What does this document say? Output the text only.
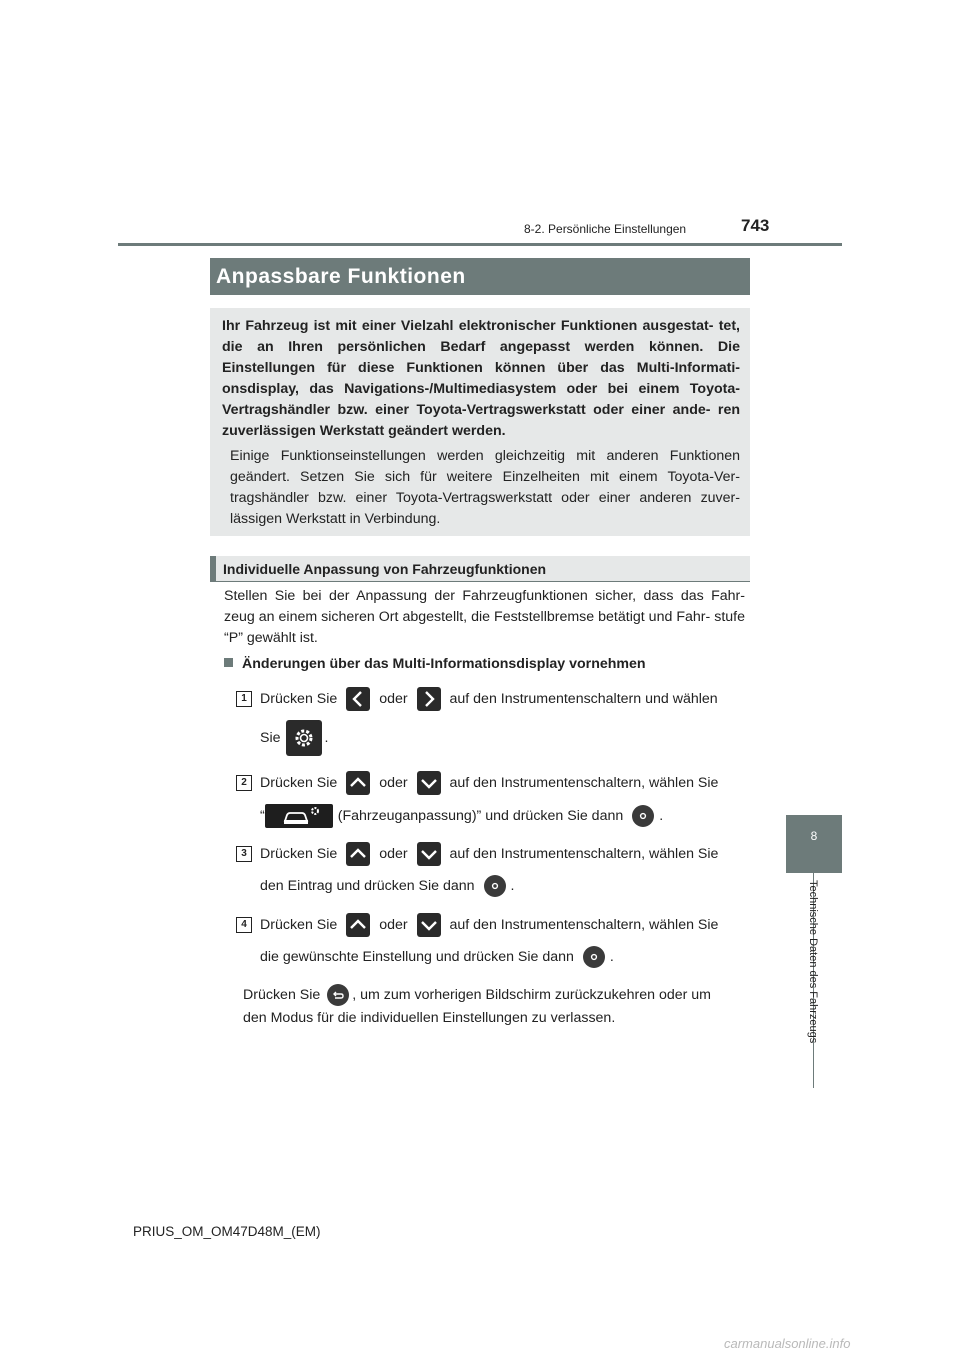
8-2. Persönliche Einstellungen	743
8
Technische Daten des Fahrzeugs
Anpassbare Funktionen

Ihr Fahrzeug ist mit einer Vielzahl elektronischer Funktionen ausgestat- tet, die an Ihren persönlichen Bedarf angepasst werden können. Die Einstellungen für diese Funktionen können über das Multi-Informati- onsdisplay, das Navigations-/Multimediasystem oder bei einem Toyota- Vertragshändler bzw. einer Toyota-Vertragswerkstatt oder einer ande- ren zuverlässigen Werkstatt geändert werden.

Einige Funktionseinstellungen werden gleichzeitig mit anderen Funktionen geändert. Setzen Sie sich für weitere Einzelheiten mit einem Toyota-Ver- tragshändler bzw. einer Toyota-Vertragswerkstatt oder einer anderen zuver- lässigen Werkstatt in Verbindung.

Individuelle Anpassung von Fahrzeugfunktionen

Stellen Sie bei der Anpassung der Fahrzeugfunktionen sicher, dass das Fahr- zeug an einem sicheren Ort abgestellt, die Feststellbremse betätigt und Fahr- stufe “P” gewählt ist.

Änderungen über das Multi-Informationsdisplay vornehmen
1 Drücken Sie	oder	auf den Instrumentenschaltern und wählen
Sie	.
2 Drücken Sie	oder	auf den Instrumentenschaltern, wählen Sie
“	(Fahrzeuganpassung)” und drücken Sie dann	.
3 Drücken Sie	oder	auf den Instrumentenschaltern, wählen Sie
den Eintrag und drücken Sie dann	.
4 Drücken Sie	oder	auf den Instrumentenschaltern, wählen Sie
die gewünschte Einstellung und drücken Sie dann	.
Drücken Sie , um zum vorherigen Bildschirm zurückzukehren oder um
den Modus für die individuellen Einstellungen zu verlassen.
PRIUS_OM_OM47D48M_(EM)
carmanualsonline.info
